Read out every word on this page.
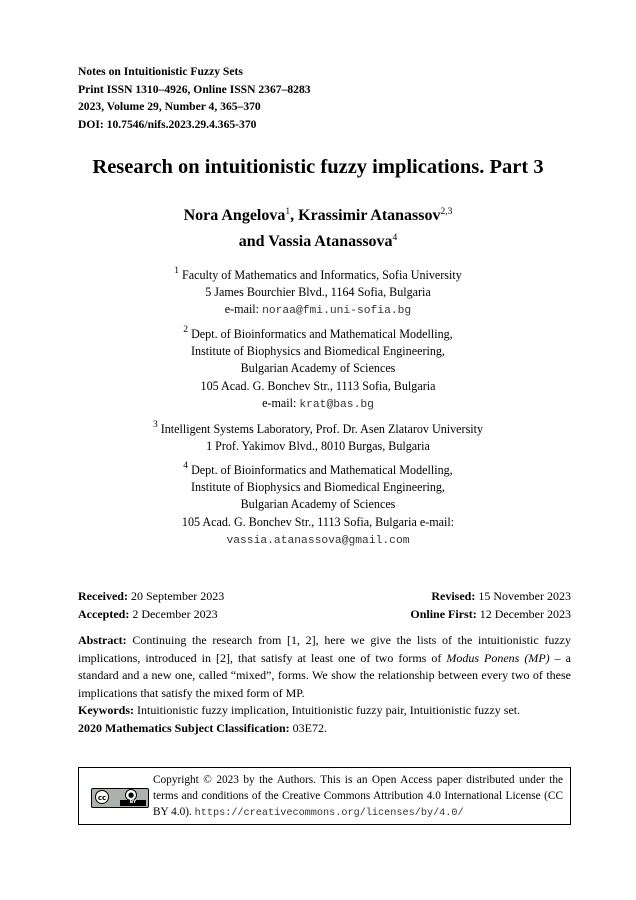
Notes on Intuitionistic Fuzzy Sets
Print ISSN 1310–4926, Online ISSN 2367–8283
2023, Volume 29, Number 4, 365–370
DOI: 10.7546/nifs.2023.29.4.365-370
Research on intuitionistic fuzzy implications. Part 3
Nora Angelova$^1$, Krassimir Atanassov$^{2,3}$
and Vassia Atanassova$^4$
$^1$ Faculty of Mathematics and Informatics, Sofia University
5 James Bourchier Blvd., 1164 Sofia, Bulgaria
e-mail: noraa@fmi.uni-sofia.bg
$^2$ Dept. of Bioinformatics and Mathematical Modelling,
Institute of Biophysics and Biomedical Engineering,
Bulgarian Academy of Sciences
105 Acad. G. Bonchev Str., 1113 Sofia, Bulgaria
e-mail: krat@bas.bg
$^3$ Intelligent Systems Laboratory, Prof. Dr. Asen Zlatarov University
1 Prof. Yakimov Blvd., 8010 Burgas, Bulgaria
$^4$ Dept. of Bioinformatics and Mathematical Modelling,
Institute of Biophysics and Biomedical Engineering,
Bulgarian Academy of Sciences
105 Acad. G. Bonchev Str., 1113 Sofia, Bulgaria e-mail:
vassia.atanassova@gmail.com
Received: 20 September 2023	Revised: 15 November 2023
Accepted: 2 December 2023	Online First: 12 December 2023

Abstract: Continuing the research from [1, 2], here we give the lists of the intuitionistic fuzzy implications, introduced in [2], that satisfy at least one of two forms of Modus Ponens (MP) – a standard and a new one, called “mixed”, forms. We show the relationship between every two of these implications that satisfy the mixed form of MP.

Keywords: Intuitionistic fuzzy implication, Intuitionistic fuzzy pair, Intuitionistic fuzzy set.

2020 Mathematics Subject Classification: 03E72.

cc	●
BY

Copyright © 2023 by the Authors. This is an Open Access paper distributed under the terms and conditions of the Creative Commons Attribution 4.0 International License (CC BY 4.0). https://creativecommons.org/licenses/by/4.0/
